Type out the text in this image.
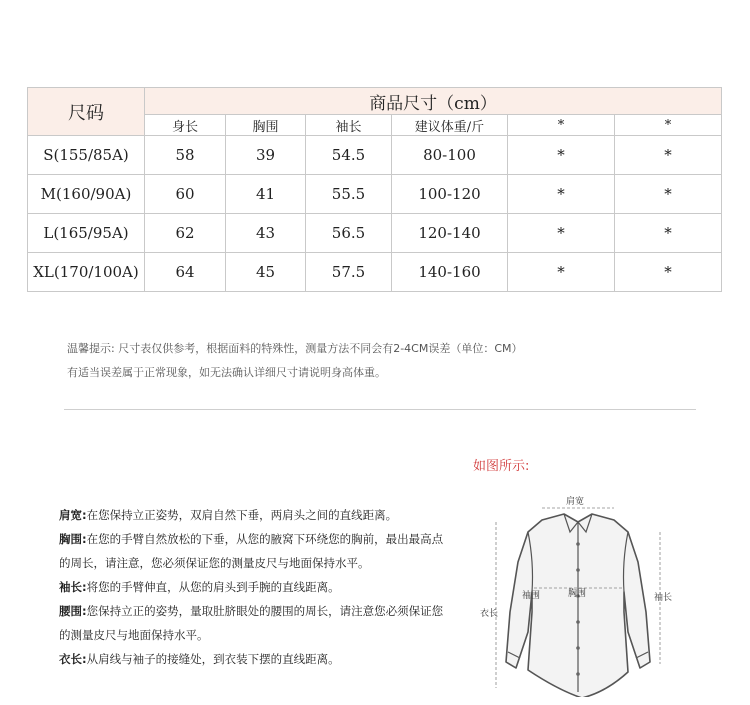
尺码	商品尺寸（cm）					
	身长	胸围	袖长	建议体重/斤	*	*
S(155/85A)	58	39	54.5	80-100	*	*
M(160/90A)	60	41	55.5	100-120	*	*
L(165/95A)	62	43	56.5	120-140	*	*
XL(170/100A)	64	45	57.5	140-160	*	*
温馨提示: 尺寸表仅供参考，根据面料的特殊性，测量方法不同会有2-4CM误差（单位：CM）
有适当误差属于正常现象，如无法确认详细尺寸请说明身高体重。
如图所示:
肩宽:在您保持立正姿势，双肩自然下垂，两肩头之间的直线距离。
胸围:在您的手臂自然放松的下垂，从您的腋窝下环绕您的胸前，最出最高点的周长，请注意，您必须保证您的测量皮尺与地面保持水平。
袖长:将您的手臂伸直，从您的肩头到手腕的直线距离。
腰围:您保持立正的姿势，量取肚脐眼处的腰围的周长，请注意您必须保证您的测量皮尺与地面保持水平。
衣长:从肩线与袖子的接缝处，到衣装下摆的直线距离。
肩宽
袖围	胸围	袖长
衣长
